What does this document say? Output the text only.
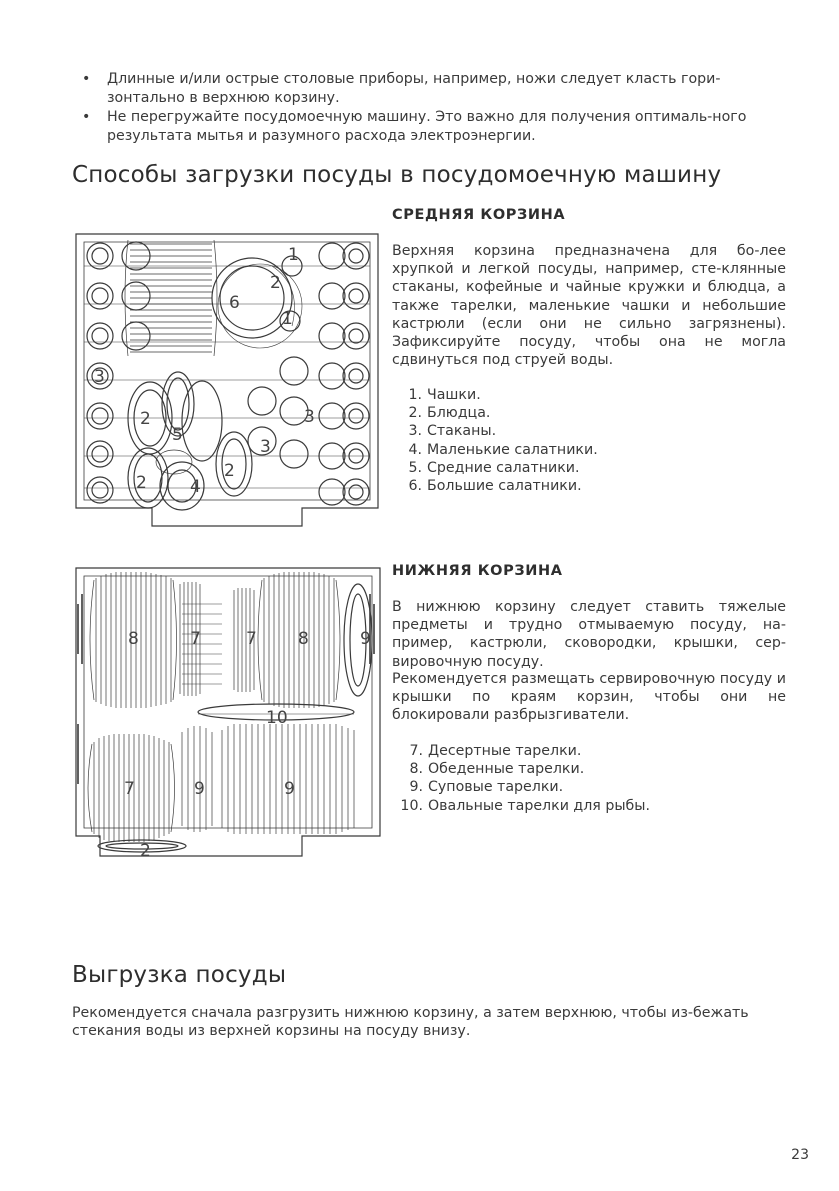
• Длинные и/или острые столовые приборы, например, ножи следует класть гори-зонтально в верхнюю корзину.
• Не перегружайте посудомоечную машину. Это важно для получения оптималь-ного результата мытья и разумного расхода электроэнергии.
Способы загрузки посуды в посудомоечную машину
1
1
2
2
2
2
3
3
3
4
5
6
СРЕДНЯЯ КОРЗИНА

Верхняя корзина предназначена для бо-лее хрупкой и легкой посуды, например, сте-клянные стаканы, кофейные и чайные кружки и блюдца, а также тарелки, маленькие чашки и небольшие кастрюли (если они не сильно загрязнены). Зафиксируйте посуду, чтобы она не могла сдвинуться под струей воды.

1. Чашки.
2. Блюдца.
3. Стаканы.
4. Маленькие салатники.
5. Средние салатники.
6. Большие салатники.
8	8
7	7
7
9
9	9
10
2
НИЖНЯЯ КОРЗИНА

В нижнюю корзину следует ставить тяжелые предметы и трудно отмываемую посуду, на-пример, кастрюли, сковородки, крышки, сер-вировочную посуду.

Рекомендуется размещать сервировочную посуду и крышки по краям корзин, чтобы они не блокировали разбрызгиватели.

7. Десертные тарелки.
8. Обеденные тарелки.
9. Суповые тарелки.
10. Овальные тарелки для рыбы.
Выгрузка посуды

Рекомендуется сначала разгрузить нижнюю корзину, а затем верхнюю, чтобы из-бежать стекания воды из верхней корзины на посуду внизу.

23
